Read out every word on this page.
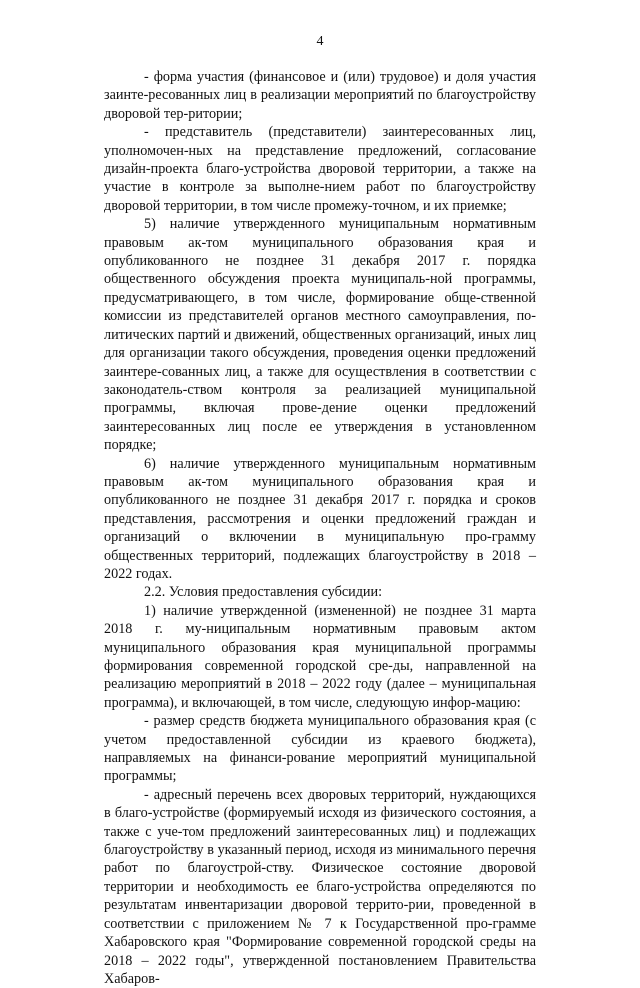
4

- форма участия (финансовое и (или) трудовое) и доля участия заинте-ресованных лиц в реализации мероприятий по благоустройству дворовой тер-ритории;

- представитель (представители) заинтересованных лиц, уполномочен-ных на представление предложений, согласование дизайн-проекта благо-устройства дворовой территории, а также на участие в контроле за выполне-нием работ по благоустройству дворовой территории, в том числе промежу-точном, и их приемке;

5) наличие утвержденного муниципальным нормативным правовым ак-том муниципального образования края и опубликованного не позднее 31 декабря 2017 г. порядка общественного обсуждения проекта муниципаль-ной программы, предусматривающего, в том числе, формирование обще-ственной комиссии из представителей органов местного самоуправления, по-литических партий и движений, общественных организаций, иных лиц для организации такого обсуждения, проведения оценки предложений заинтере-сованных лиц, а также для осуществления в соответствии с законодатель-ством контроля за реализацией муниципальной программы, включая прове-дение оценки предложений заинтересованных лиц после ее утверждения в установленном порядке;

6) наличие утвержденного муниципальным нормативным правовым ак-том муниципального образования края и опубликованного не позднее 31 декабря 2017 г. порядка и сроков представления, рассмотрения и оценки предложений граждан и организаций о включении в муниципальную про-грамму общественных территорий, подлежащих благоустройству в 2018 – 2022 годах.

2.2. Условия предоставления субсидии:

1) наличие утвержденной (измененной) не позднее 31 марта 2018 г. му-ниципальным нормативным правовым актом муниципального образования края муниципальной программы формирования современной городской сре-ды, направленной на реализацию мероприятий в 2018 – 2022 году (далее – муниципальная программа), и включающей, в том числе, следующую инфор-мацию:

- размер средств бюджета муниципального образования края (с учетом предоставленной субсидии из краевого бюджета), направляемых на финанси-рование мероприятий муниципальной программы;

- адресный перечень всех дворовых территорий, нуждающихся в благо-устройстве (формируемый исходя из физического состояния, а также с уче-том предложений заинтересованных лиц) и подлежащих благоустройству в указанный период, исходя из минимального перечня работ по благоустрой-ству. Физическое состояние дворовой территории и необходимость ее благо-устройства определяются по результатам инвентаризации дворовой террито-рии, проведенной в соответствии с приложением № 7 к Государственной про-грамме Хабаровского края "Формирование современной городской среды на 2018 – 2022 годы", утвержденной постановлением Правительства Хабаров-
